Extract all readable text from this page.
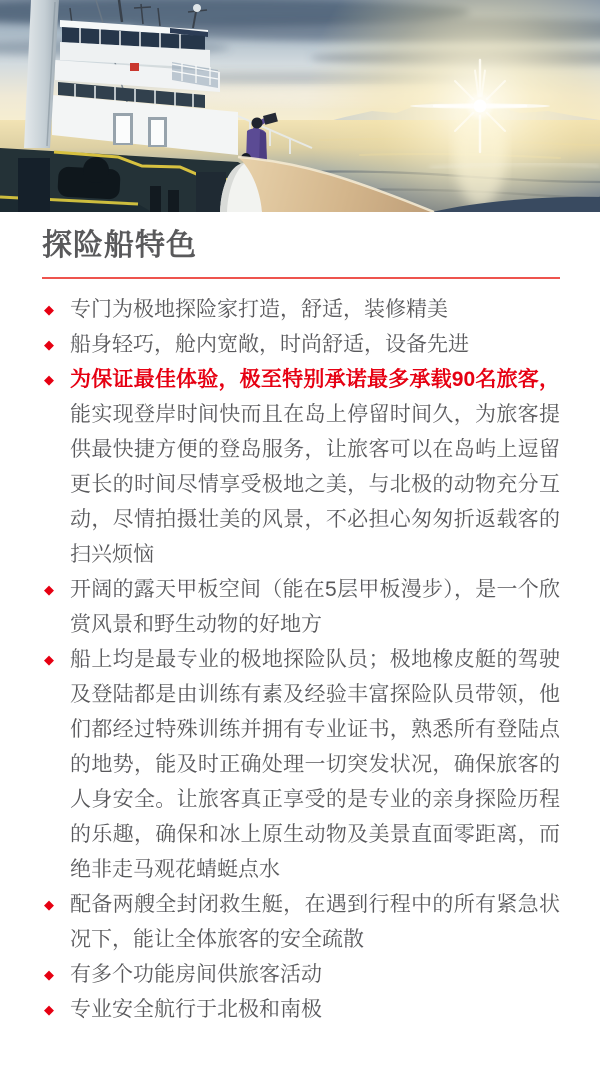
探险船特色
◆ 专门为极地探险家打造，舒适，装修精美
◆ 船身轻巧，舱内宽敞，时尚舒适，设备先进
◆ 为保证最佳体验，极至特别承诺最多承载90名旅客，能实现登岸时间快而且在岛上停留时间久，为旅客提供最快捷方便的登岛服务，让旅客可以在岛屿上逗留更长的时间尽情享受极地之美，与北极的动物充分互动，尽情拍摄壮美的风景，不必担心匆匆折返载客的扫兴烦恼
◆ 开阔的露天甲板空间（能在5层甲板漫步），是一个欣赏风景和野生动物的好地方
◆ 船上均是最专业的极地探险队员；极地橡皮艇的驾驶及登陆都是由训练有素及经验丰富探险队员带领，他们都经过特殊训练并拥有专业证书，熟悉所有登陆点的地势，能及时正确处理一切突发状况，确保旅客的人身安全。让旅客真正享受的是专业的亲身探险历程的乐趣，确保和冰上原生动物及美景直面零距离，而绝非走马观花蜻蜓点水
◆ 配备两艘全封闭救生艇，在遇到行程中的所有紧急状况下，能让全体旅客的安全疏散
◆ 有多个功能房间供旅客活动
◆ 专业安全航行于北极和南极
